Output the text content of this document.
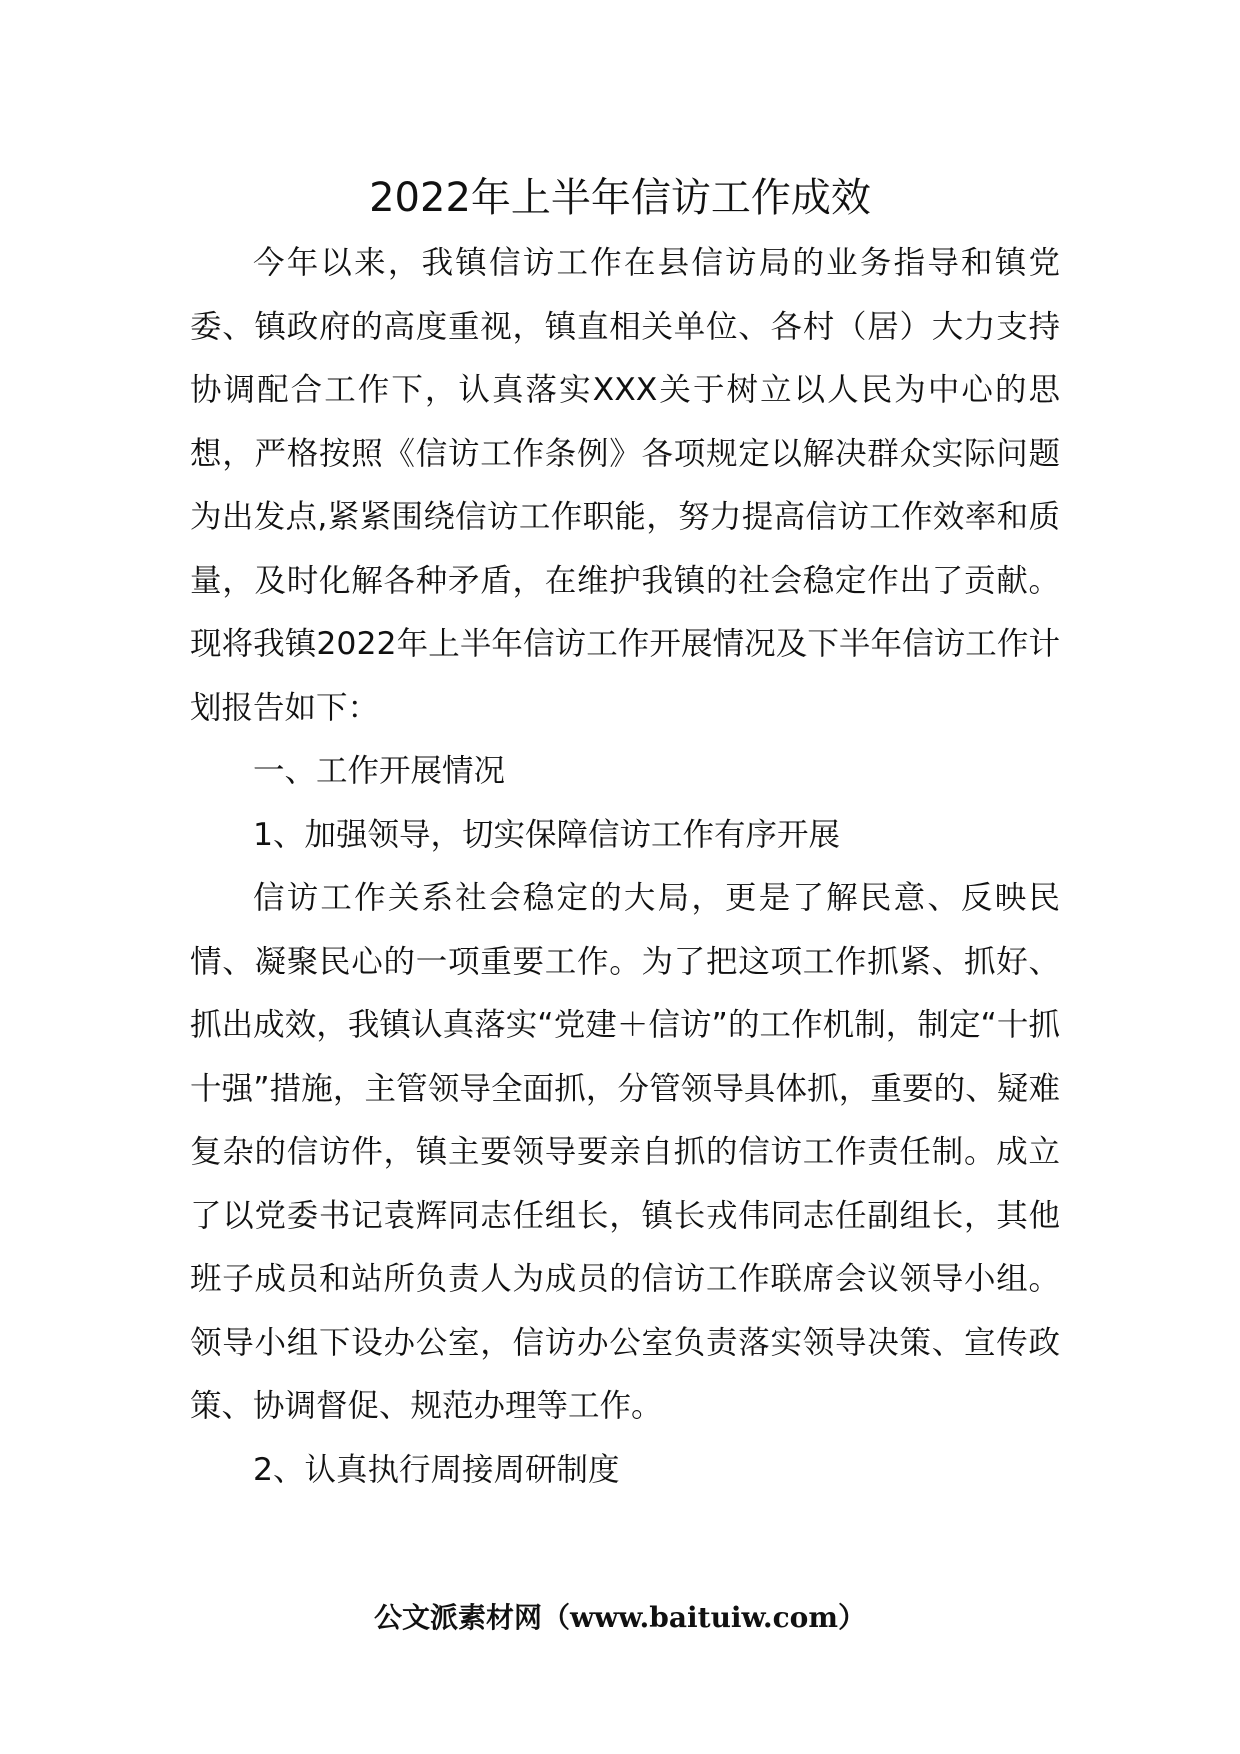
2022年上半年信访工作成效

今年以来，我镇信访工作在县信访局的业务指导和镇党委、镇政府的高度重视，镇直相关单位、各村（居）大力支持协调配合工作下，认真落实XXX关于树立以人民为中心的思想，严格按照《信访工作条例》各项规定以解决群众实际问题为出发点,紧紧围绕信访工作职能，努力提高信访工作效率和质量，及时化解各种矛盾，在维护我镇的社会稳定作出了贡献。现将我镇2022年上半年信访工作开展情况及下半年信访工作计划报告如下：

一、工作开展情况

1、加强领导，切实保障信访工作有序开展

信访工作关系社会稳定的大局，更是了解民意、反映民情、凝聚民心的一项重要工作。为了把这项工作抓紧、抓好、抓出成效，我镇认真落实“党建＋信访”的工作机制，制定“十抓十强”措施，主管领导全面抓，分管领导具体抓，重要的、疑难复杂的信访件，镇主要领导要亲自抓的信访工作责任制。成立了以党委书记袁辉同志任组长，镇长戎伟同志任副组长，其他班子成员和站所负责人为成员的信访工作联席会议领导小组。领导小组下设办公室，信访办公室负责落实领导决策、宣传政策、协调督促、规范办理等工作。

2、认真执行周接周研制度

公文派素材网（www.baituiw.com）
